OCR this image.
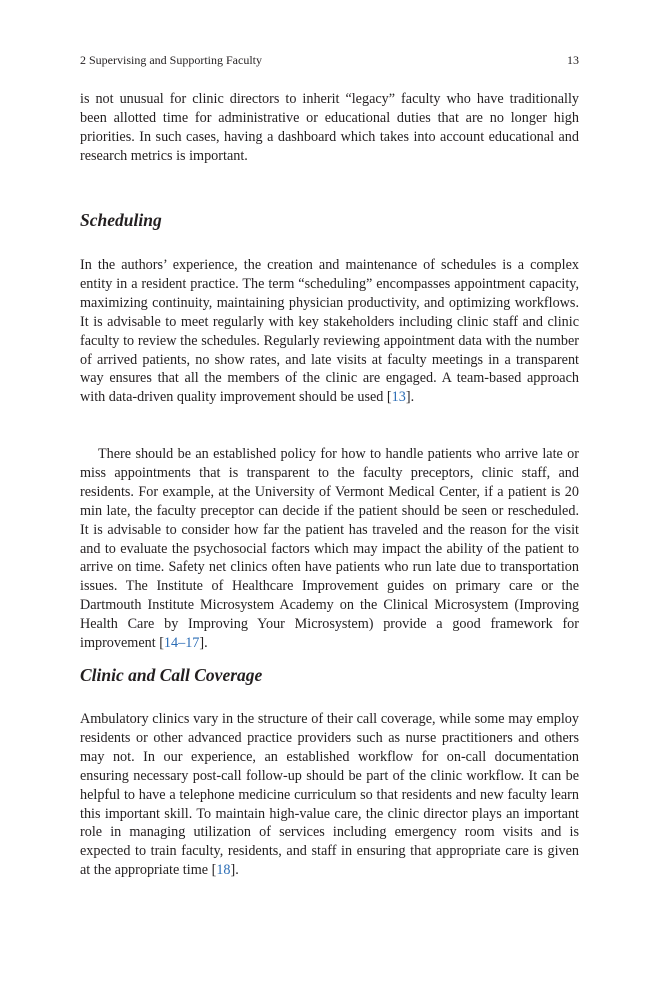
2 Supervising and Supporting Faculty	13

is not unusual for clinic directors to inherit “legacy” faculty who have traditionally been allotted time for administrative or educational duties that are no longer high priorities. In such cases, having a dashboard which takes into account educational and research metrics is important.

Scheduling

In the authors’ experience, the creation and maintenance of schedules is a complex entity in a resident practice. The term “scheduling” encompasses appointment capacity, maximizing continuity, maintaining physician productivity, and optimizing workflows. It is advisable to meet regularly with key stakeholders including clinic staff and clinic faculty to review the schedules. Regularly reviewing appointment data with the number of arrived patients, no show rates, and late visits at faculty meetings in a transparent way ensures that all the members of the clinic are engaged. A team-based approach with data-driven quality improvement should be used [13].

There should be an established policy for how to handle patients who arrive late or miss appointments that is transparent to the faculty preceptors, clinic staff, and residents. For example, at the University of Vermont Medical Center, if a patient is 20 min late, the faculty preceptor can decide if the patient should be seen or rescheduled. It is advisable to consider how far the patient has traveled and the reason for the visit and to evaluate the psychosocial factors which may impact the ability of the patient to arrive on time. Safety net clinics often have patients who run late due to transportation issues. The Institute of Healthcare Improvement guides on primary care or the Dartmouth Institute Microsystem Academy on the Clinical Microsystem (Improving Health Care by Improving Your Microsystem) provide a good framework for improvement [14–17].

Clinic and Call Coverage

Ambulatory clinics vary in the structure of their call coverage, while some may employ residents or other advanced practice providers such as nurse practitioners and others may not. In our experience, an established workflow for on-call documentation ensuring necessary post-call follow-up should be part of the clinic workflow. It can be helpful to have a telephone medicine curriculum so that residents and new faculty learn this important skill. To maintain high-value care, the clinic director plays an important role in managing utilization of services including emergency room visits and is expected to train faculty, residents, and staff in ensuring that appropriate care is given at the appropriate time [18].
